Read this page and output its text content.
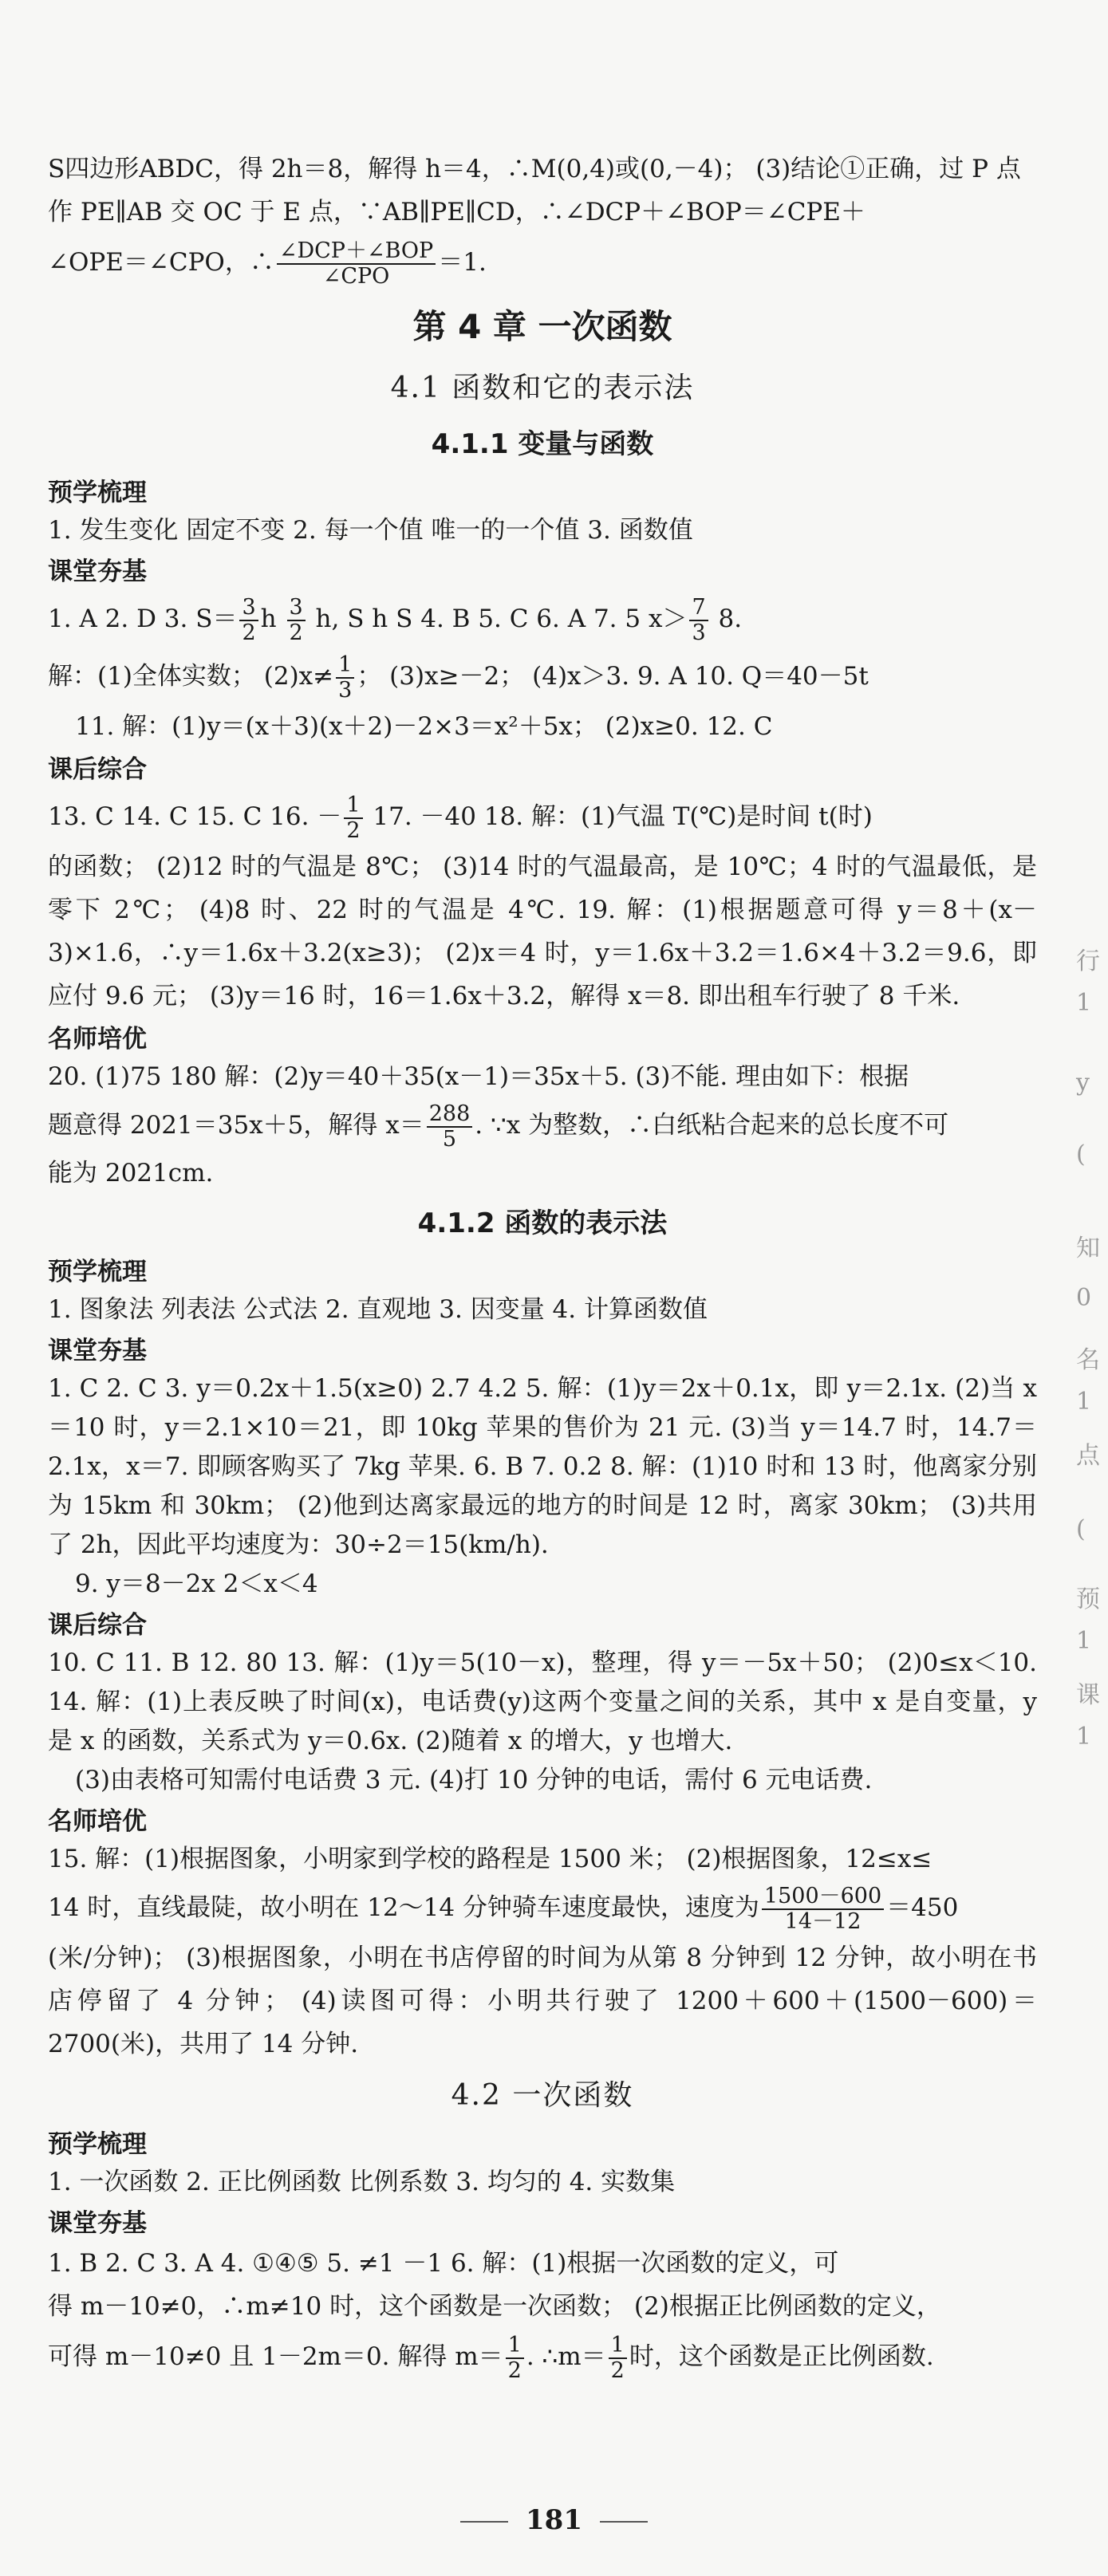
S四边形ABDC，得 2h＝8，解得 h＝4，∴M(0,4)或(0,－4)； (3)结论①正确，过 P 点

作 PE∥AB 交 OC 于 E 点，∵AB∥PE∥CD，∴∠DCP＋∠BOP＝∠CPE＋

∠OPE＝∠CPO，∴ $\frac{\text{∠DCP＋∠BOP}}{\text{∠CPO}} =1$.

第 4 章 一次函数
4.1 函数和它的表示法
4.1.1 变量与函数
预学梳理

1. 发生变化 固定不变 2. 每一个值 唯一的一个值 3. 函数值

课堂夯基

1. A 2. D 3. $S= \frac{3}{2}$ h $\frac{3}{2} h$, S h S 4. B 5. C 6. A 7. 5 $x> \frac{7}{3} 8$.

解：(1)全体实数； $(2)x\ne \frac{1}{3}$ ； (3)x≥－2； (4)x＞3. 9. A 10. Q＝40－5t

11. 解：(1)y＝(x＋3)(x＋2)－2×3＝x²＋5x； (2)x≥0. 12. C

课后综合

13. C 14. C 15. C 16. － $\frac{1}{2} 17$. －40 18. 解：(1)气温 T(℃)是时间 t(时)

的函数； (2)12 时的气温是 8℃； (3)14 时的气温最高，是 10℃；4 时的气温最低，是零下 2℃； (4)8 时、22 时的气温是 4℃. 19. 解：(1)根据题意可得 y＝8＋(x－3)×1.6，∴y＝1.6x＋3.2(x≥3)； (2)x＝4 时，y＝1.6x＋3.2＝1.6×4＋3.2＝9.6，即应付 9.6 元； (3)y＝16 时，16＝1.6x＋3.2，解得 x＝8. 即出租车行驶了 8 千米.

名师培优

20. (1)75 180 解：(2)y＝40＋35(x－1)＝35x＋5. (3)不能. 理由如下：根据

题意得 2021＝35x＋5，解得 $x= \frac{288}{5}$ . ∵x 为整数，∴白纸粘合起来的总长度不可

能为 2021cm.

4.1.2 函数的表示法
预学梳理

1. 图象法 列表法 公式法 2. 直观地 3. 因变量 4. 计算函数值

课堂夯基

1. C 2. C 3. y＝0.2x＋1.5(x≥0) 2.7 4.2 5. 解：(1)y＝2x＋0.1x，即 y＝2.1x. (2)当 x＝10 时，y＝2.1×10＝21，即 10kg 苹果的售价为 21 元. (3)当 y＝14.7 时，14.7＝2.1x，x＝7. 即顾客购买了 7kg 苹果. 6. B 7. 0.2 8. 解：(1)10 时和 13 时，他离家分别为 15km 和 30km； (2)他到达离家最远的地方的时间是 12 时，离家 30km； (3)共用了 2h，因此平均速度为：30÷2＝15(km/h).

9. y＝8－2x 2＜x＜4

课后综合

10. C 11. B 12. 80 13. 解：(1)y＝5(10－x)，整理，得 y＝－5x＋50； (2)0≤x＜10. 14. 解：(1)上表反映了时间(x)，电话费(y)这两个变量之间的关系，其中 x 是自变量，y 是 x 的函数，关系式为 y＝0.6x. (2)随着 x 的增大，y 也增大.

(3)由表格可知需付电话费 3 元. (4)打 10 分钟的电话，需付 6 元电话费.

名师培优

15. 解：(1)根据图象，小明家到学校的路程是 1500 米； (2)根据图象，12≤x≤

14 时，直线最陡，故小明在 12～14 分钟骑车速度最快，速度为 $\frac{1500-600}{14-12} =450$

(米/分钟)； (3)根据图象，小明在书店停留的时间为从第 8 分钟到 12 分钟，故小明在书店停留了 4 分钟； (4)读图可得：小明共行驶了 1200＋600＋(1500－600)＝2700(米)，共用了 14 分钟.

4.2 一次函数
预学梳理

1. 一次函数 2. 正比例函数 比例系数 3. 均匀的 4. 实数集

课堂夯基

1. B 2. C 3. A 4. ①④⑤ 5. ≠1 －1 6. 解：(1)根据一次函数的定义，可

得 m－10≠0，∴m≠10 时，这个函数是一次函数； (2)根据正比例函数的定义，

可得 m－10≠0 且 1－2m＝0. 解得 $m= \frac{1}{2}$ . ∴m＝ $\frac{1}{2}$ 时，这个函数是正比例函数.

行
1
y
(
知
0
名
1
点
(
预
1
课
1
181
